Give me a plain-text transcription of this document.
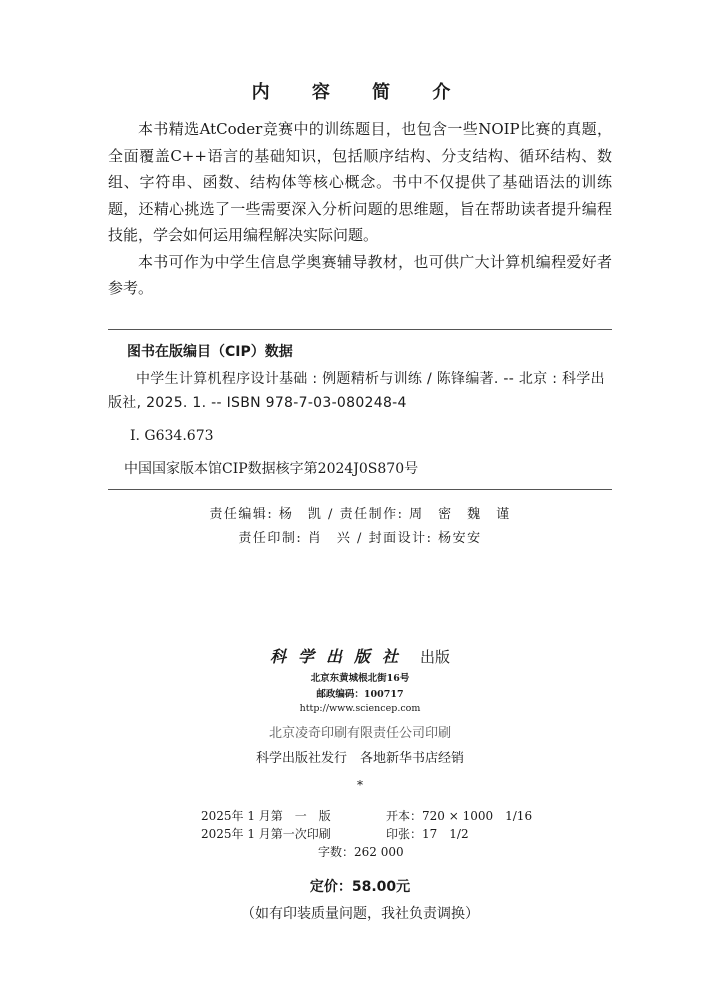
内 容 简 介

本书精选AtCoder竞赛中的训练题目，也包含一些NOIP比赛的真题，全面覆盖C++语言的基础知识，包括顺序结构、分支结构、循环结构、数组、字符串、函数、结构体等核心概念。书中不仅提供了基础语法的训练题，还精心挑选了一些需要深入分析问题的思维题，旨在帮助读者提升编程技能，学会如何运用编程解决实际问题。

本书可作为中学生信息学奥赛辅导教材，也可供广大计算机编程爱好者参考。

图书在版编目（CIP）数据
中学生计算机程序设计基础 : 例题精析与训练 / 陈锋编著. -- 北京 : 科学出版社, 2025. 1. -- ISBN 978-7-03-080248-4
Ⅰ. G634.673
中国国家版本馆CIP数据核字第2024J0S870号
责任编辑: 杨　凯 / 责任制作: 周　密　魏　谨
责任印制: 肖　兴 / 封面设计: 杨安安
科学出版社 出版
北京东黄城根北街16号
邮政编码：100717
http://www.sciencep.com
北京凌奇印刷有限责任公司印刷
科学出版社发行　各地新华书店经销
*
2025年 1 月第　一　版	开本：720 × 1000　1/16
2025年 1 月第一次印刷	印张：17　1/2
字数：262 000
定价：58.00元
（如有印装质量问题，我社负责调换）
